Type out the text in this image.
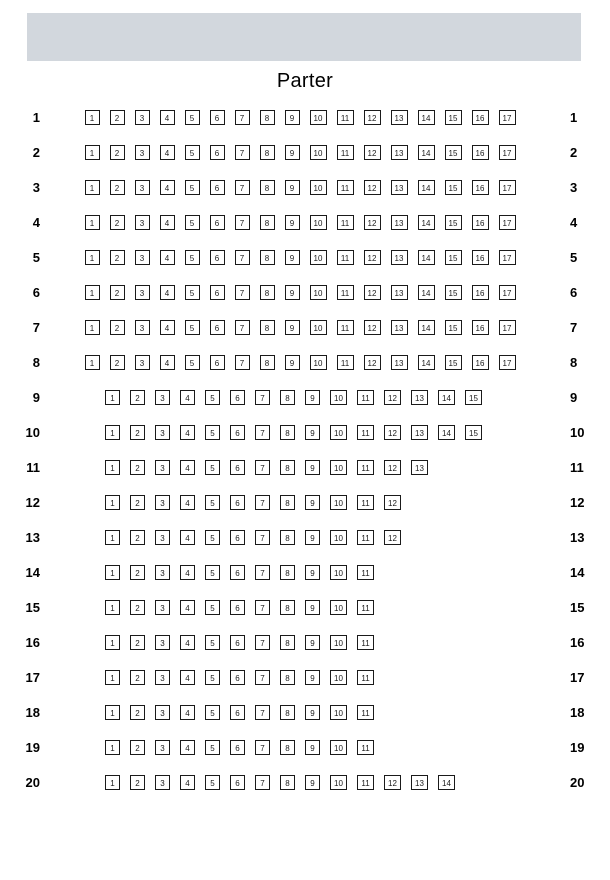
Parter
1	1	2	3	4	5	6	7	8	9	10	11	12	13	14	15	16	17	1
2	1	2	3	4	5	6	7	8	9	10	11	12	13	14	15	16	17	2
3	1	2	3	4	5	6	7	8	9	10	11	12	13	14	15	16	17	3
4	1	2	3	4	5	6	7	8	9	10	11	12	13	14	15	16	17	4
5	1	2	3	4	5	6	7	8	9	10	11	12	13	14	15	16	17	5
6	1	2	3	4	5	6	7	8	9	10	11	12	13	14	15	16	17	6
7	1	2	3	4	5	6	7	8	9	10	11	12	13	14	15	16	17	7
8	1	2	3	4	5	6	7	8	9	10	11	12	13	14	15	16	17	8
9	1	2	3	4	5	6	7	8	9	10	11	12	13	14	15	9
10	1	2	3	4	5	6	7	8	9	10	11	12	13	14	15	10
11	1	2	3	4	5	6	7	8	9	10	11	12	13	11
12	1	2	3	4	5	6	7	8	9	10	11	12	12
13	1	2	3	4	5	6	7	8	9	10	11	12	13
14	1	2	3	4	5	6	7	8	9	10	11	14
15	1	2	3	4	5	6	7	8	9	10	11	15
16	1	2	3	4	5	6	7	8	9	10	11	16
17	1	2	3	4	5	6	7	8	9	10	11	17
18	1	2	3	4	5	6	7	8	9	10	11	18
19	1	2	3	4	5	6	7	8	9	10	11	19
20	1	2	3	4	5	6	7	8	9	10	11	12	13	14	20
